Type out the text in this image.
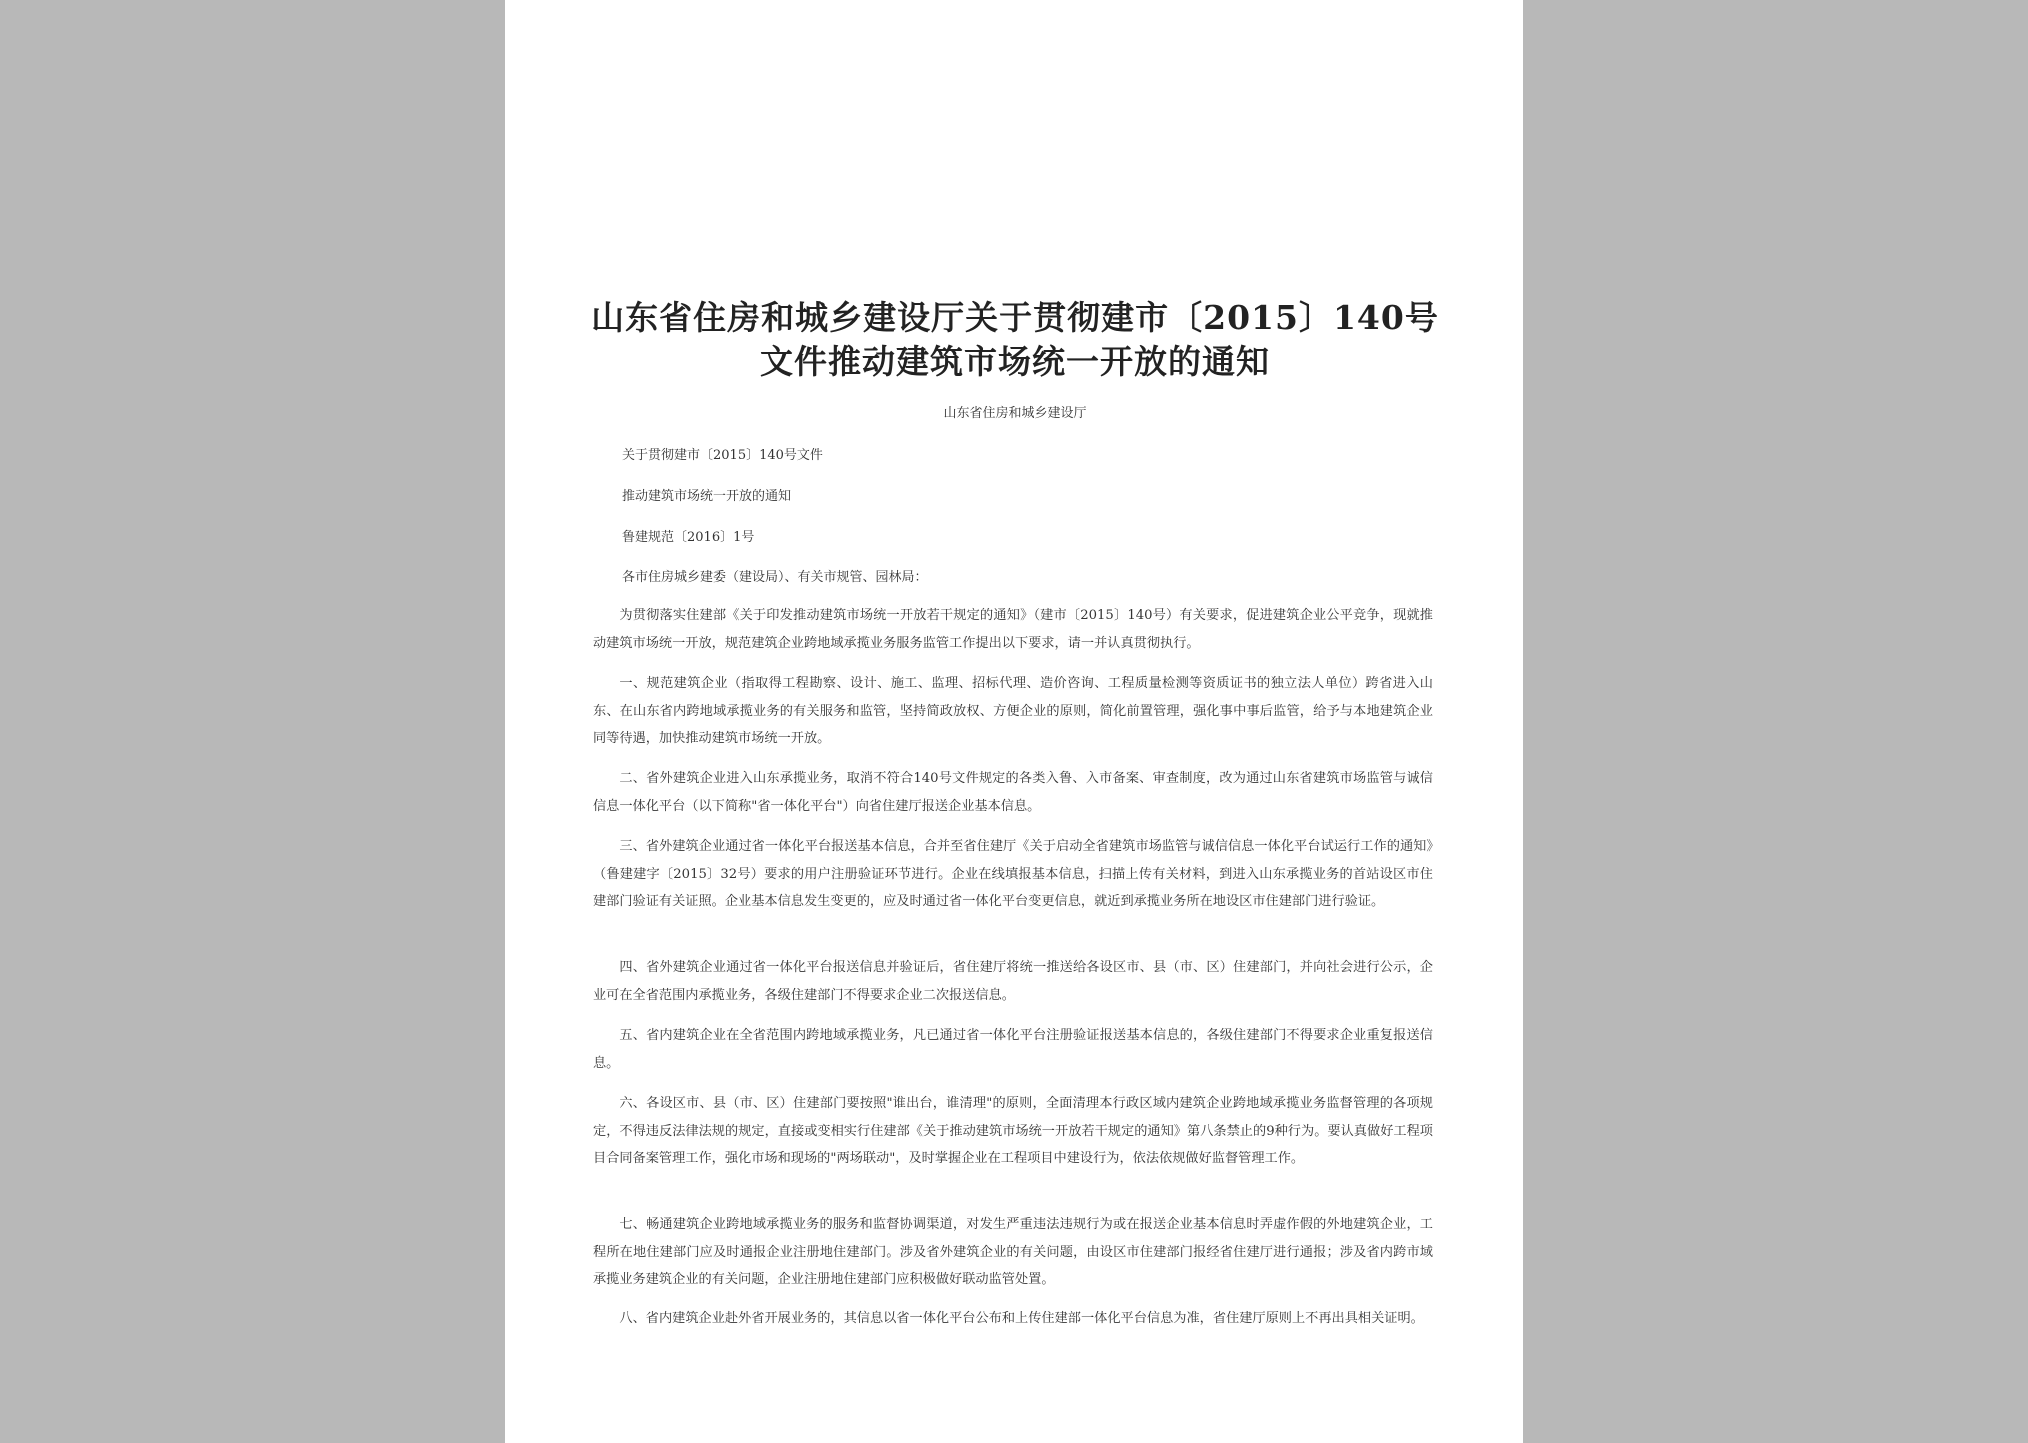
山东省住房和城乡建设厅关于贯彻建市〔2015〕140号文件推动建筑市场统一开放的通知
山东省住房和城乡建设厅
关于贯彻建市〔2015〕140号文件
推动建筑市场统一开放的通知
鲁建规范〔2016〕1号
各市住房城乡建委（建设局）、有关市规管、园林局：
为贯彻落实住建部《关于印发推动建筑市场统一开放若干规定的通知》（建市〔2015〕140号）有关要求，促进建筑企业公平竞争，现就推动建筑市场统一开放，规范建筑企业跨地域承揽业务服务监管工作提出以下要求，请一并认真贯彻执行。
一、规范建筑企业（指取得工程勘察、设计、施工、监理、招标代理、造价咨询、工程质量检测等资质证书的独立法人单位）跨省进入山东、在山东省内跨地域承揽业务的有关服务和监管，坚持简政放权、方便企业的原则，简化前置管理，强化事中事后监管，给予与本地建筑企业同等待遇，加快推动建筑市场统一开放。
二、省外建筑企业进入山东承揽业务，取消不符合140号文件规定的各类入鲁、入市备案、审查制度，改为通过山东省建筑市场监管与诚信信息一体化平台（以下简称"省一体化平台"）向省住建厅报送企业基本信息。
三、省外建筑企业通过省一体化平台报送基本信息，合并至省住建厅《关于启动全省建筑市场监管与诚信信息一体化平台试运行工作的通知》（鲁建建字〔2015〕32号）要求的用户注册验证环节进行。企业在线填报基本信息，扫描上传有关材料，到进入山东承揽业务的首站设区市住建部门验证有关证照。企业基本信息发生变更的，应及时通过省一体化平台变更信息，就近到承揽业务所在地设区市住建部门进行验证。
四、省外建筑企业通过省一体化平台报送信息并验证后，省住建厅将统一推送给各设区市、县（市、区）住建部门，并向社会进行公示，企业可在全省范围内承揽业务，各级住建部门不得要求企业二次报送信息。
五、省内建筑企业在全省范围内跨地域承揽业务，凡已通过省一体化平台注册验证报送基本信息的，各级住建部门不得要求企业重复报送信息。
六、各设区市、县（市、区）住建部门要按照"谁出台，谁清理"的原则，全面清理本行政区域内建筑企业跨地域承揽业务监督管理的各项规定，不得违反法律法规的规定，直接或变相实行住建部《关于推动建筑市场统一开放若干规定的通知》第八条禁止的9种行为。要认真做好工程项目合同备案管理工作，强化市场和现场的"两场联动"，及时掌握企业在工程项目中建设行为，依法依规做好监督管理工作。
七、畅通建筑企业跨地域承揽业务的服务和监督协调渠道，对发生严重违法违规行为或在报送企业基本信息时弄虚作假的外地建筑企业，工程所在地住建部门应及时通报企业注册地住建部门。涉及省外建筑企业的有关问题，由设区市住建部门报经省住建厅进行通报；涉及省内跨市域承揽业务建筑企业的有关问题，企业注册地住建部门应积极做好联动监管处置。
八、省内建筑企业赴外省开展业务的，其信息以省一体化平台公布和上传住建部一体化平台信息为准，省住建厅原则上不再出具相关证明。
